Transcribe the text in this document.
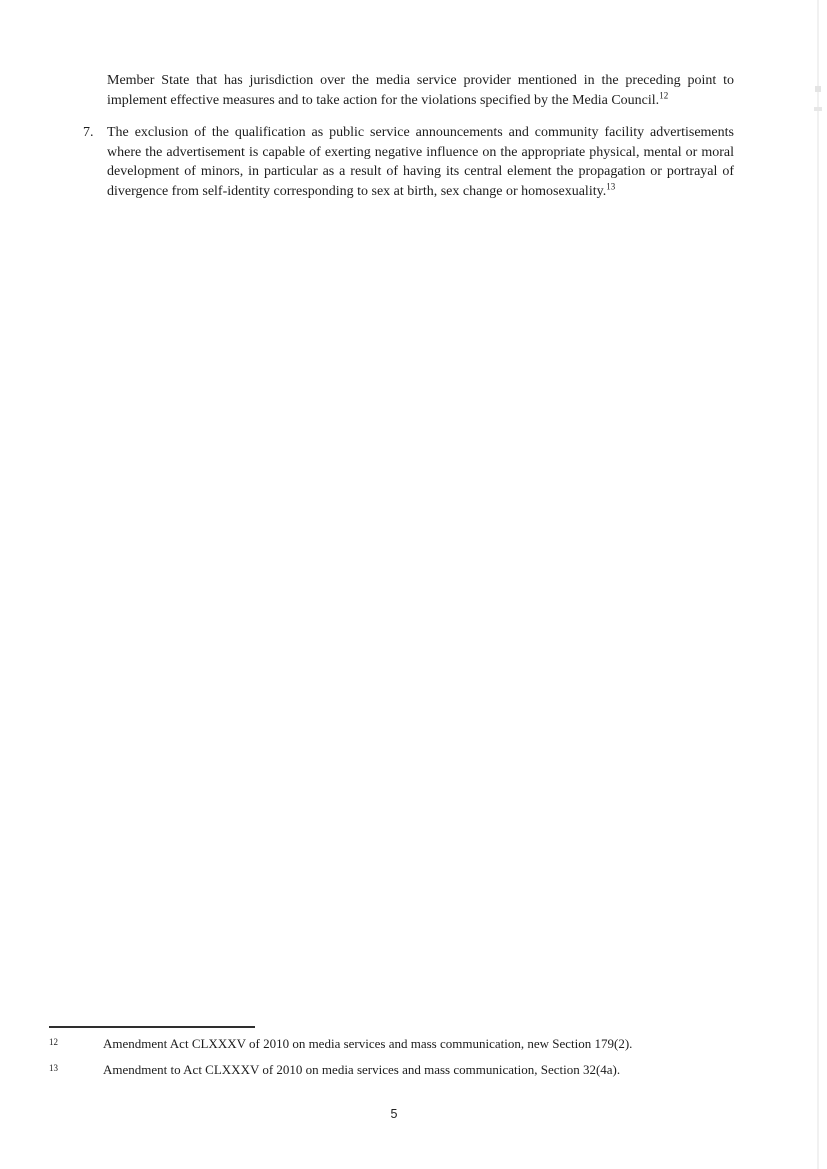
Member State that has jurisdiction over the media service provider mentioned in the preceding point to implement effective measures and to take action for the violations specified by the Media Council.$^{12}$

7. The exclusion of the qualification as public service announcements and community facility advertisements where the advertisement is capable of exerting negative influence on the appropriate physical, mental or moral development of minors, in particular as a result of having its central element the propagation or portrayal of divergence from self-identity corresponding to sex at birth, sex change or homosexuality.$^{13}$
12	Amendment Act CLXXXV of 2010 on media services and mass communication, new Section 179(2).
13	Amendment to Act CLXXXV of 2010 on media services and mass communication, Section 32(4a).
5
